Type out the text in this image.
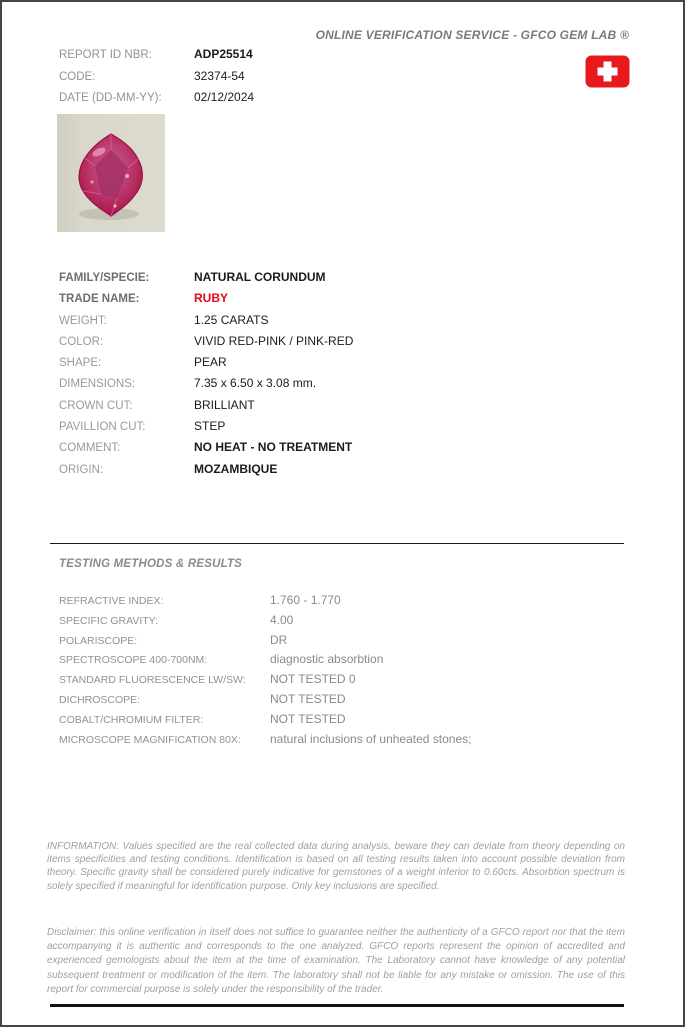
ONLINE VERIFICATION SERVICE - GFCO GEM LAB ®
REPORT ID NBR:	ADP25514
CODE:	32374-54
DATE (DD-MM-YY):	02/12/2024
FAMILY/SPECIE:	NATURAL CORUNDUM
TRADE NAME:	RUBY
WEIGHT:	1.25 CARATS
COLOR:	VIVID RED-PINK / PINK-RED
SHAPE:	PEAR
DIMENSIONS:	7.35 x 6.50 x 3.08 mm.
CROWN CUT:	BRILLIANT
PAVILLION CUT:	STEP
COMMENT:	NO HEAT - NO TREATMENT
ORIGIN:	MOZAMBIQUE
TESTING METHODS & RESULTS
REFRACTIVE INDEX:	1.760 - 1.770
SPECIFIC GRAVITY:	4.00
POLARISCOPE:	DR
SPECTROSCOPE 400-700NM:	diagnostic absorbtion
STANDARD FLUORESCENCE LW/SW: NOT TESTED 0
DICHROSCOPE:	NOT TESTED
COBALT/CHROMIUM FILTER:	NOT TESTED
MICROSCOPE MAGNIFICATION 80X: natural inclusions of unheated stones;

INFORMATION: Values specified are the real collected data during analysis, beware they can deviate from theory depending on items specificities and testing conditions. Identification is based on all testing results taken into account possible deviation from theory. Specific gravity shall be considered purely indicative for gemstones of a weight inferior to 0.60cts. Absorbtion spectrum is solely specified if meaningful for identification purpose. Only key inclusions are specified.

Disclaimer: this online verification in itself does not suffice to guarantee neither the authenticity of a GFCO report nor that the item accompanying it is authentic and corresponds to the one analyzed. GFCO reports represent the opinion of accredited and experienced gemologists about the item at the time of examination. The Laboratory cannot have knowledge of any potential subsequent treatment or modification of the item. The laboratory shall not be liable for any mistake or omission. The use of this report for commercial purpose is solely under the responsibility of the trader.
